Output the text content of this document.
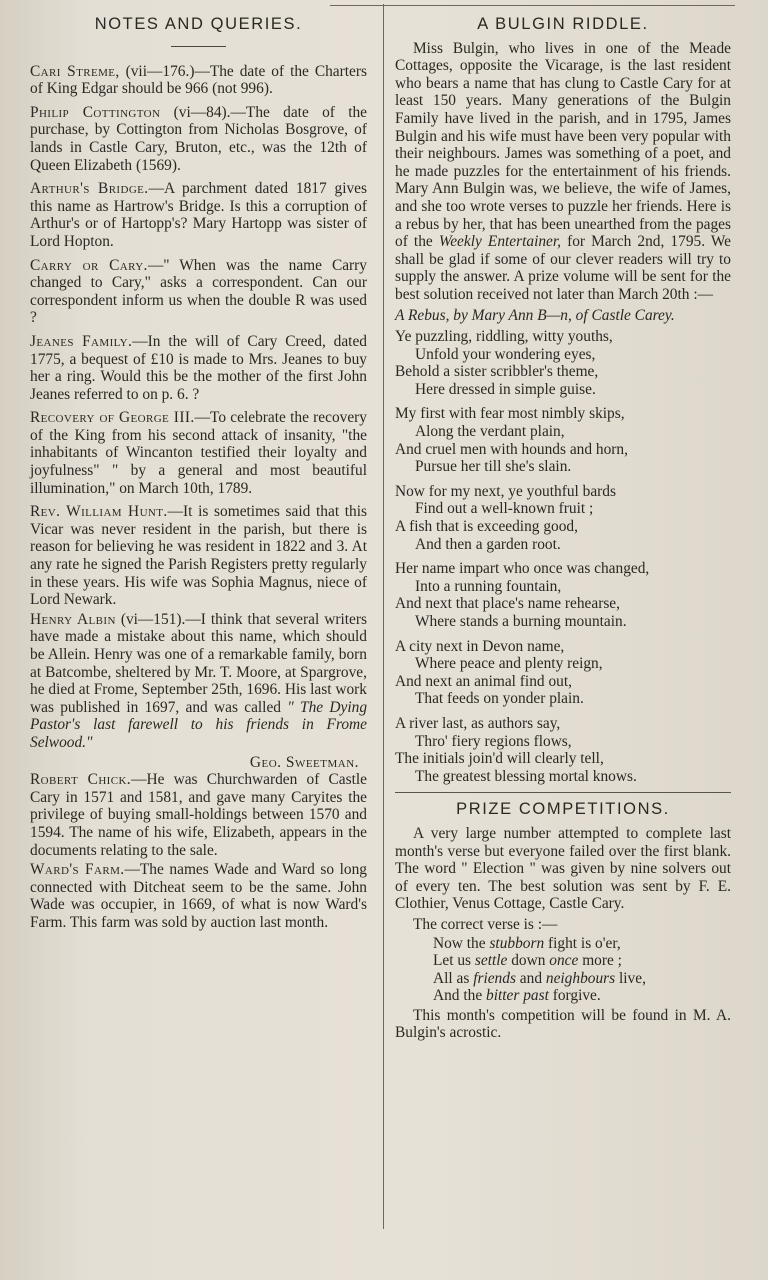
NOTES AND QUERIES.

Cari Streme, (vii—176.)—The date of the Charters of King Edgar should be 966 (not 996).

Philip Cottington (vi—84).—The date of the purchase, by Cottington from Nicholas Bosgrove, of lands in Castle Cary, Bruton, etc., was the 12th of Queen Elizabeth (1569).

Arthur's Bridge.—A parchment dated 1817 gives this name as Hartrow's Bridge. Is this a corruption of Arthur's or of Hartopp's? Mary Hartopp was sister of Lord Hopton.

Carry or Cary.—" When was the name Carry changed to Cary," asks a correspondent. Can our correspondent inform us when the double R was used ?

Jeanes Family.—In the will of Cary Creed, dated 1775, a bequest of £10 is made to Mrs. Jeanes to buy her a ring. Would this be the mother of the first John Jeanes referred to on p. 6. ?

Recovery of George III.—To celebrate the recovery of the King from his second attack of insanity, "the inhabitants of Wincanton testified their loyalty and joyfulness" " by a general and most beautiful illumination," on March 10th, 1789.

Rev. William Hunt.—It is sometimes said that this Vicar was never resident in the parish, but there is reason for believing he was resident in 1822 and 3. At any rate he signed the Parish Registers pretty regularly in these years. His wife was Sophia Magnus, niece of Lord Newark.

Henry Albin (vi—151).—I think that several writers have made a mistake about this name, which should be Allein. Henry was one of a remarkable family, born at Batcombe, sheltered by Mr. T. Moore, at Spargrove, he died at Frome, September 25th, 1696. His last work was published in 1697, and was called " The Dying Pastor's last farewell to his friends in Frome Selwood."

Geo. Sweetman.

Robert Chick.—He was Churchwarden of Castle Cary in 1571 and 1581, and gave many Caryites the privilege of buying small-holdings between 1570 and 1594. The name of his wife, Elizabeth, appears in the documents relating to the sale.

Ward's Farm.—The names Wade and Ward so long connected with Ditcheat seem to be the same. John Wade was occupier, in 1669, of what is now Ward's Farm. This farm was sold by auction last month.

A BULGIN RIDDLE.

Miss Bulgin, who lives in one of the Meade Cottages, opposite the Vicarage, is the last resident who bears a name that has clung to Castle Cary for at least 150 years. Many generations of the Bulgin Family have lived in the parish, and in 1795, James Bulgin and his wife must have been very popular with their neighbours. James was something of a poet, and he made puzzles for the entertainment of his friends. Mary Ann Bulgin was, we believe, the wife of James, and she too wrote verses to puzzle her friends. Here is a rebus by her, that has been unearthed from the pages of the Weekly Entertainer, for March 2nd, 1795. We shall be glad if some of our clever readers will try to supply the answer. A prize volume will be sent for the best solution received not later than March 20th :—

A Rebus, by Mary Ann B—n, of Castle Carey.

Ye puzzling, riddling, witty youths,
Unfold your wondering eyes,
Behold a sister scribbler's theme,
Here dressed in simple guise.
My first with fear most nimbly skips,
Along the verdant plain,
And cruel men with hounds and horn,
Pursue her till she's slain.
Now for my next, ye youthful bards
Find out a well-known fruit ;
A fish that is exceeding good,
And then a garden root.
Her name impart who once was changed,
Into a running fountain,
And next that place's name rehearse,
Where stands a burning mountain.
A city next in Devon name,
Where peace and plenty reign,
And next an animal find out,
That feeds on yonder plain.
A river last, as authors say,
Thro' fiery regions flows,
The initials join'd will clearly tell,
The greatest blessing mortal knows.
PRIZE COMPETITIONS.

A very large number attempted to complete last month's verse but everyone failed over the first blank. The word " Election " was given by nine solvers out of every ten. The best solution was sent by F. E. Clothier, Venus Cottage, Castle Cary.

The correct verse is :—

Now the stubborn fight is o'er,
Let us settle down once more ;
All as friends and neighbours live,
And the bitter past forgive.

This month's competition will be found in M. A. Bulgin's acrostic.
